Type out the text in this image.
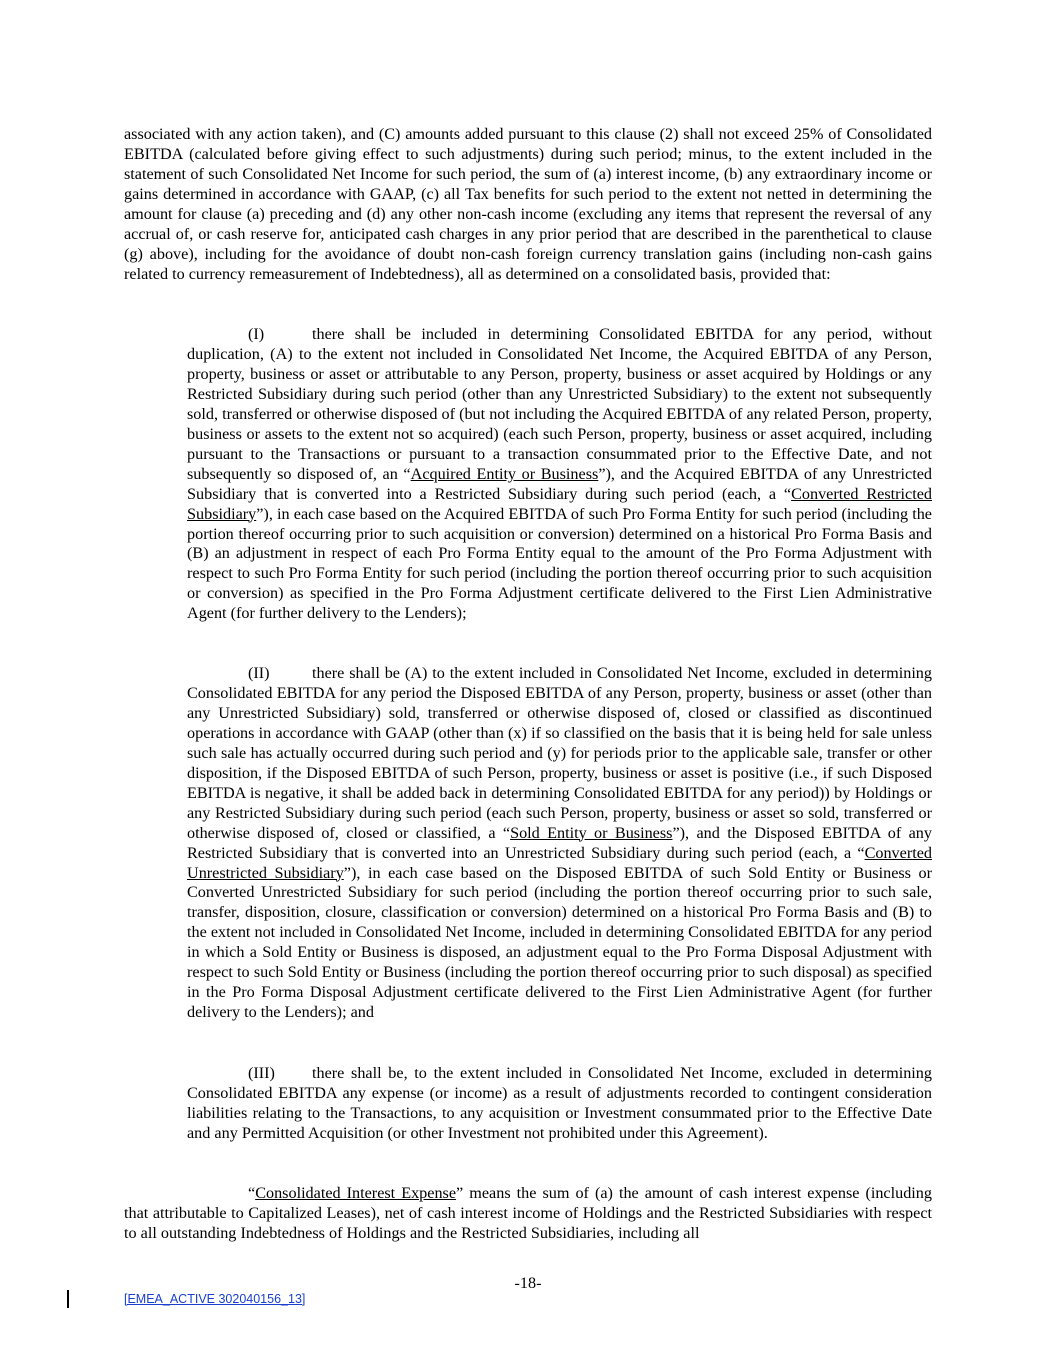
associated with any action taken), and (C) amounts added pursuant to this clause (2) shall not exceed 25% of Consolidated EBITDA (calculated before giving effect to such adjustments) during such period; minus, to the extent included in the statement of such Consolidated Net Income for such period, the sum of (a) interest income, (b) any extraordinary income or gains determined in accordance with GAAP, (c) all Tax benefits for such period to the extent not netted in determining the amount for clause (a) preceding and (d) any other non-cash income (excluding any items that represent the reversal of any accrual of, or cash reserve for, anticipated cash charges in any prior period that are described in the parenthetical to clause (g) above), including for the avoidance of doubt non-cash foreign currency translation gains (including non-cash gains related to currency remeasurement of Indebtedness), all as determined on a consolidated basis, provided that:

(I)	there shall be included in determining Consolidated EBITDA for any period, without duplication, (A) to the extent not included in Consolidated Net Income, the Acquired EBITDA of any Person, property, business or asset or attributable to any Person, property, business or asset acquired by Holdings or any Restricted Subsidiary during such period (other than any Unrestricted Subsidiary) to the extent not subsequently sold, transferred or otherwise disposed of (but not including the Acquired EBITDA of any related Person, property, business or assets to the extent not so acquired) (each such Person, property, business or asset acquired, including pursuant to the Transactions or pursuant to a transaction consummated prior to the Effective Date, and not subsequently so disposed of, an “Acquired Entity or Business”), and the Acquired EBITDA of any Unrestricted Subsidiary that is converted into a Restricted Subsidiary during such period (each, a “Converted Restricted Subsidiary”), in each case based on the Acquired EBITDA of such Pro Forma Entity for such period (including the portion thereof occurring prior to such acquisition or conversion) determined on a historical Pro Forma Basis and (B) an adjustment in respect of each Pro Forma Entity equal to the amount of the Pro Forma Adjustment with respect to such Pro Forma Entity for such period (including the portion thereof occurring prior to such acquisition or conversion) as specified in the Pro Forma Adjustment certificate delivered to the First Lien Administrative Agent (for further delivery to the Lenders);

(II)	there shall be (A) to the extent included in Consolidated Net Income, excluded in determining Consolidated EBITDA for any period the Disposed EBITDA of any Person, property, business or asset (other than any Unrestricted Subsidiary) sold, transferred or otherwise disposed of, closed or classified as discontinued operations in accordance with GAAP (other than (x) if so classified on the basis that it is being held for sale unless such sale has actually occurred during such period and (y) for periods prior to the applicable sale, transfer or other disposition, if the Disposed EBITDA of such Person, property, business or asset is positive (i.e., if such Disposed EBITDA is negative, it shall be added back in determining Consolidated EBITDA for any period)) by Holdings or any Restricted Subsidiary during such period (each such Person, property, business or asset so sold, transferred or otherwise disposed of, closed or classified, a “Sold Entity or Business”), and the Disposed EBITDA of any Restricted Subsidiary that is converted into an Unrestricted Subsidiary during such period (each, a “Converted Unrestricted Subsidiary”), in each case based on the Disposed EBITDA of such Sold Entity or Business or Converted Unrestricted Subsidiary for such period (including the portion thereof occurring prior to such sale, transfer, disposition, closure, classification or conversion) determined on a historical Pro Forma Basis and (B) to the extent not included in Consolidated Net Income, included in determining Consolidated EBITDA for any period in which a Sold Entity or Business is disposed, an adjustment equal to the Pro Forma Disposal Adjustment with respect to such Sold Entity or Business (including the portion thereof occurring prior to such disposal) as specified in the Pro Forma Disposal Adjustment certificate delivered to the First Lien Administrative Agent (for further delivery to the Lenders); and

(III) there shall be, to the extent included in Consolidated Net Income, excluded in determining Consolidated EBITDA any expense (or income) as a result of adjustments recorded to contingent consideration liabilities relating to the Transactions, to any acquisition or Investment consummated prior to the Effective Date and any Permitted Acquisition (or other Investment not prohibited under this Agreement).

“Consolidated Interest Expense” means the sum of (a) the amount of cash interest expense (including that attributable to Capitalized Leases), net of cash interest income of Holdings and the Restricted Subsidiaries with respect to all outstanding Indebtedness of Holdings and the Restricted Subsidiaries, including all

-18-
[EMEA_ACTIVE 302040156_13]
